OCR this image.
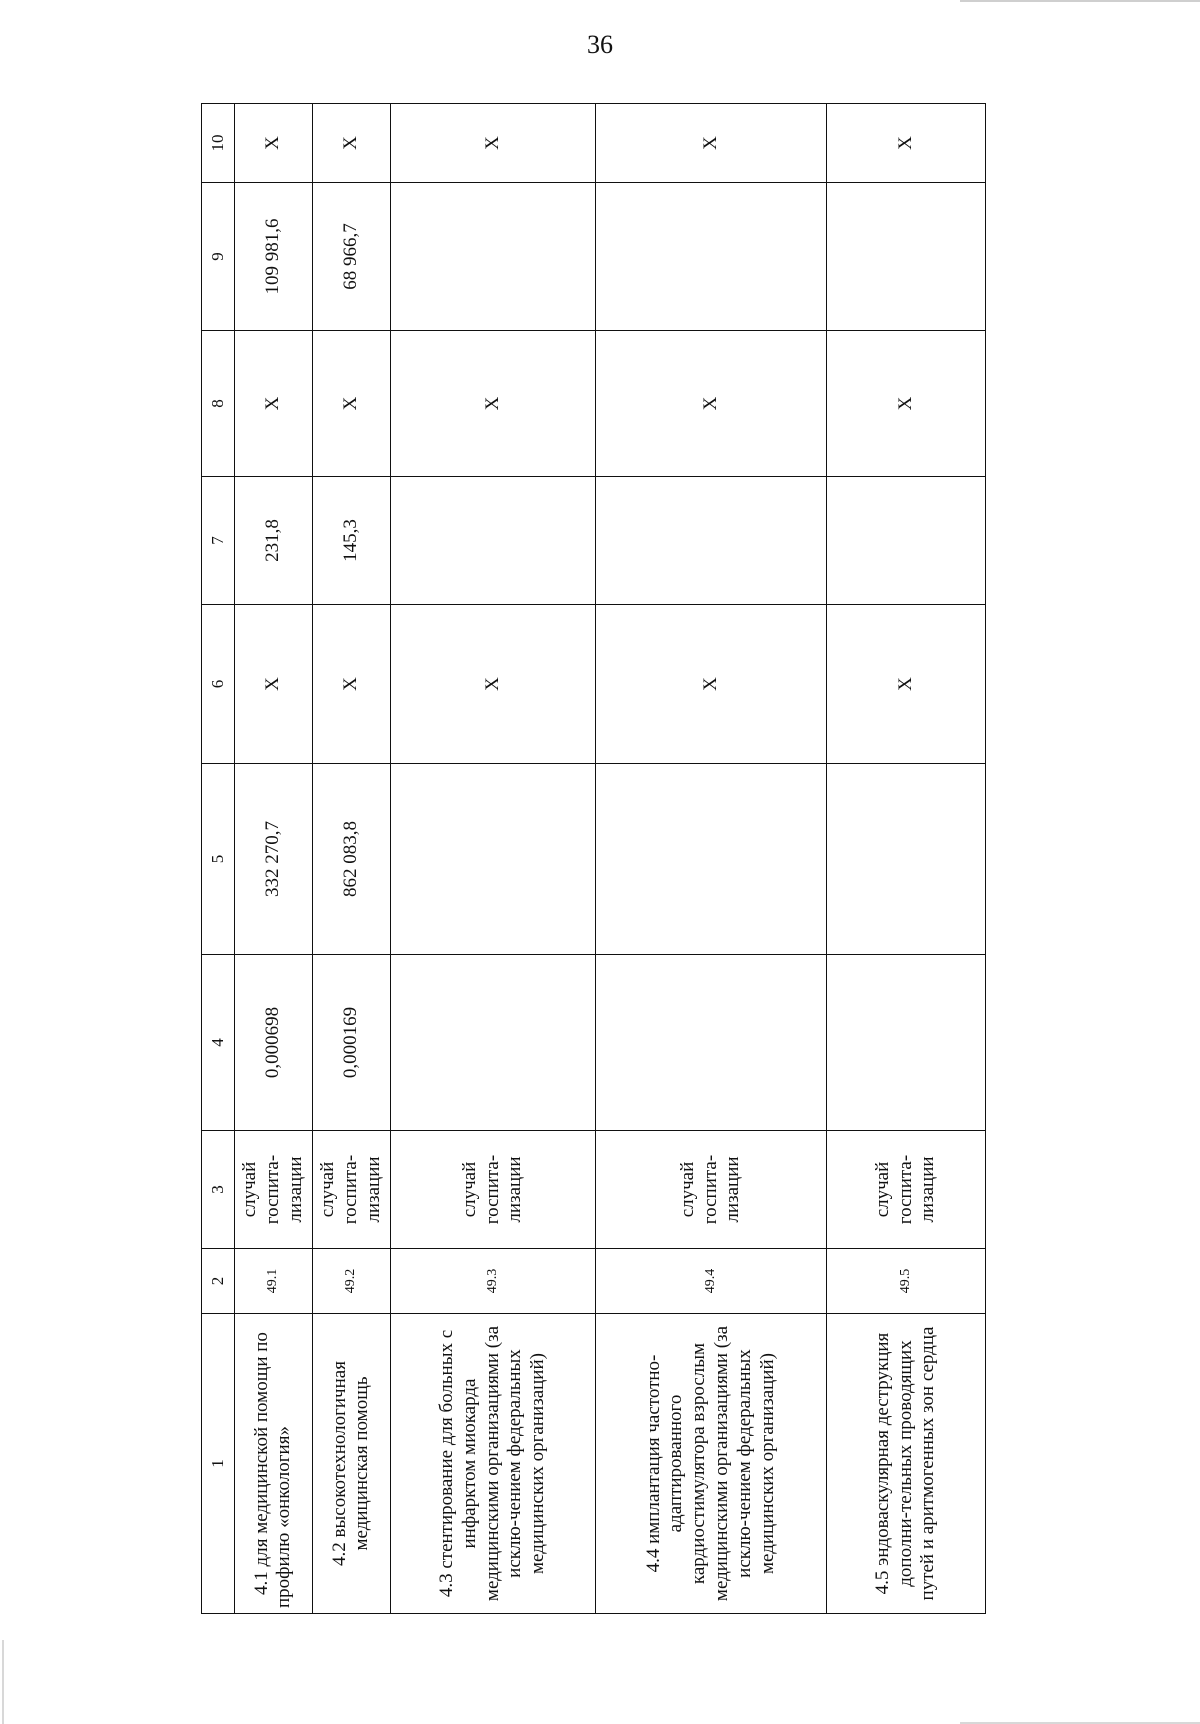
36
1	2	3	4	5	6	7	8	9	10
4.1 для медицинской помощи по профилю «онкология»	49.1	случай госпита-лизации	0,000698	332 270,7	Х	231,8	Х	109 981,6	Х
4.2 высокотехнологичная медицинская помощь	49.2	случай госпита-лизации	0,000169	862 083,8	Х	145,3	Х	68 966,7	Х
4.3 стентирование для больных с инфарктом миокарда медицинскими организациями (за исклю-чением федеральных медицинских организаций)	49.3	случай госпита-лизации			Х		Х		Х
4.4 имплантация частотно-адаптированного кардиостимулятора взрослым медицинскими организациями (за исклю-чением федеральных медицинских организаций)	49.4	случай госпита-лизации			Х		Х		Х
4.5 эндоваскулярная деструкция дополни-тельных проводящих путей и аритмогенных зон сердца	49.5	случай госпита-лизации			Х		Х		Х
